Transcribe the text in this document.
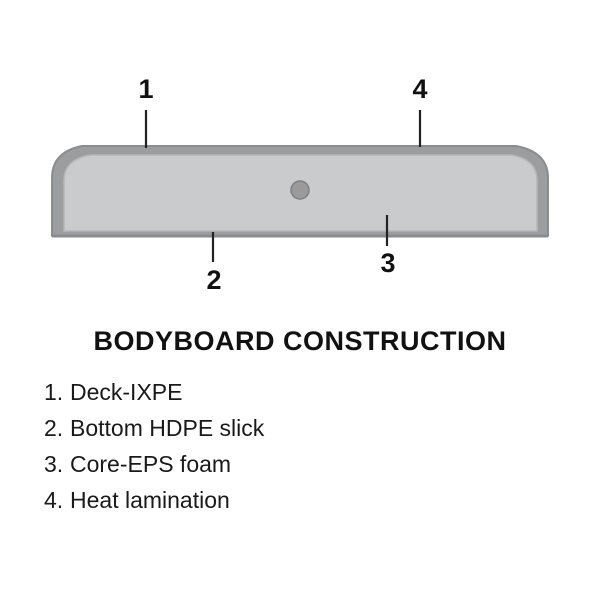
1	4
2
3
BODYBOARD CONSTRUCTION
1. Deck-IXPE
2. Bottom HDPE slick
3. Core-EPS foam
4. Heat lamination
